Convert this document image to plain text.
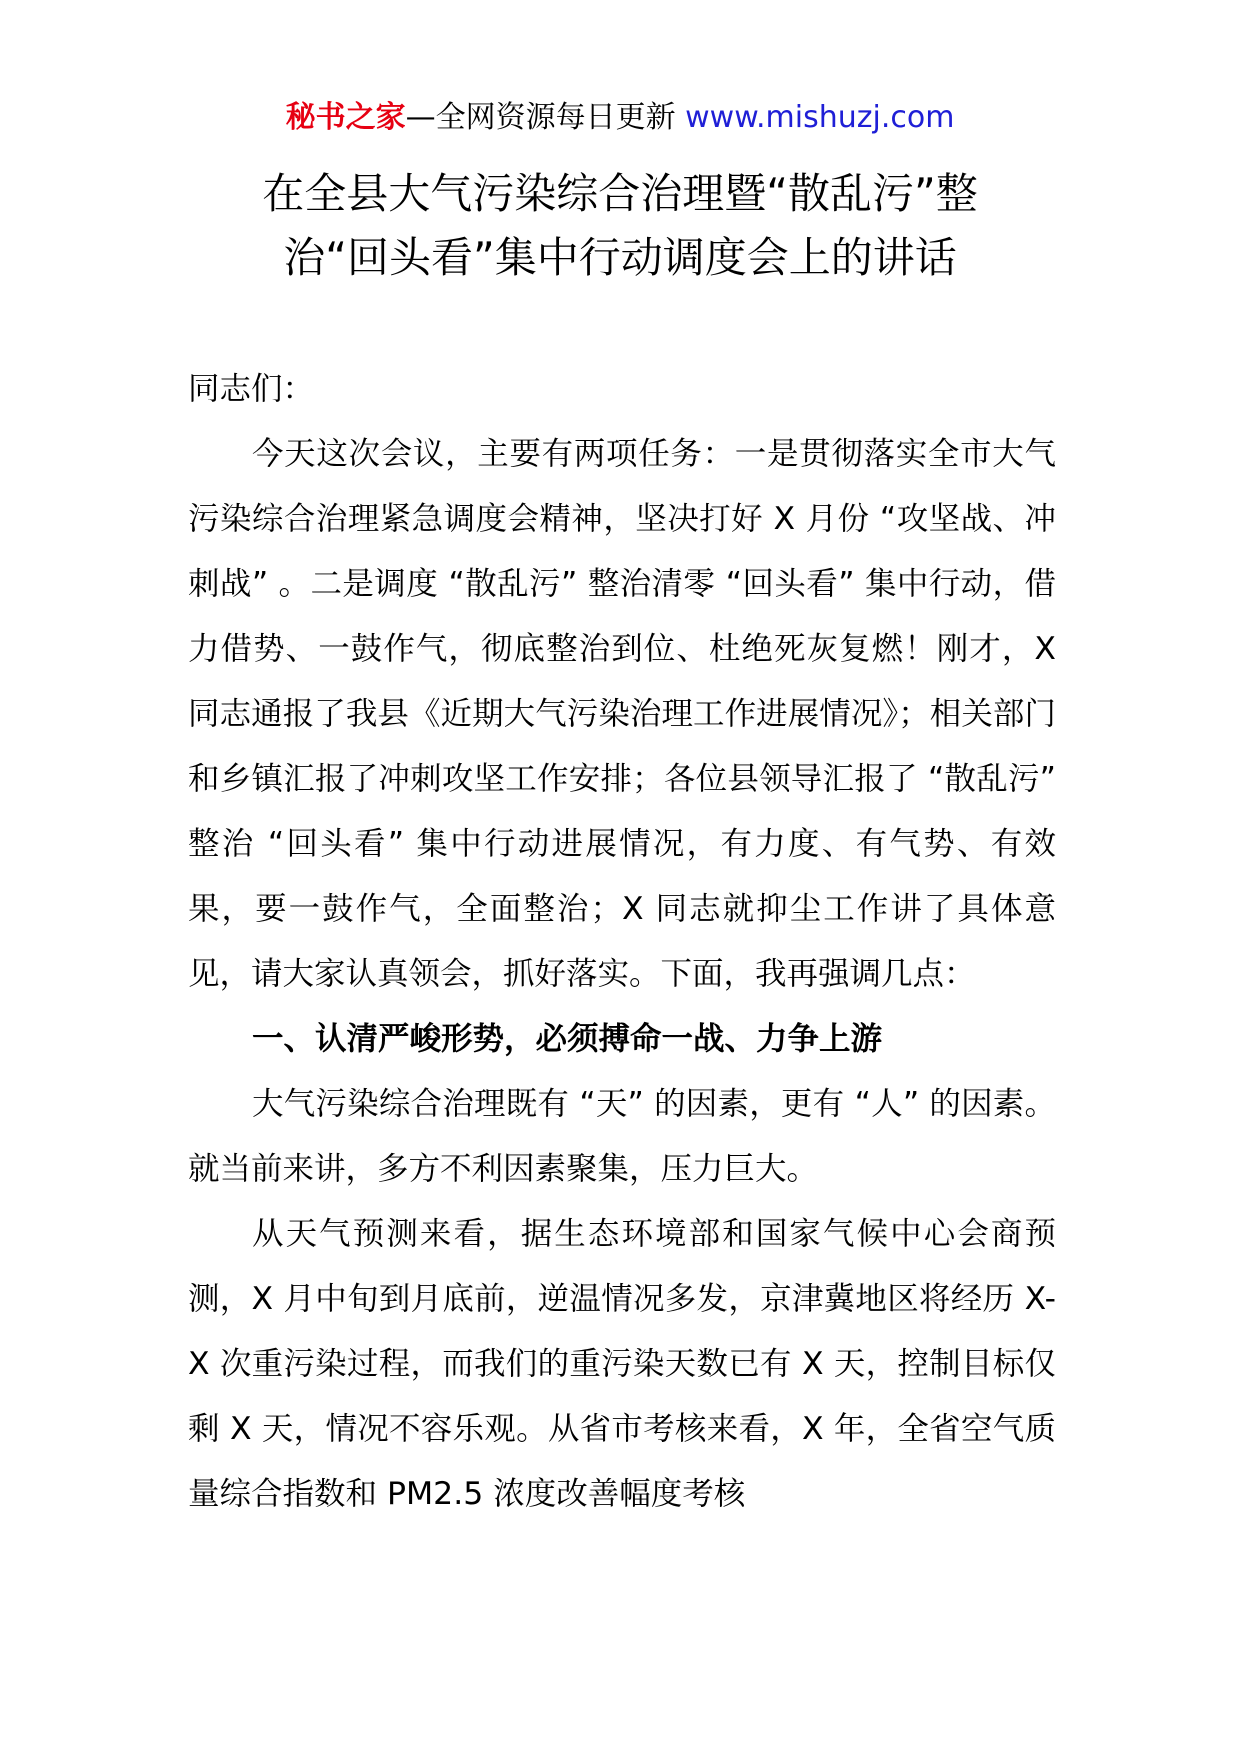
秘书之家—全网资源每日更新 www.mishuzj.com
在全县大气污染综合治理暨“散乱污”整
治“回头看”集中行动调度会上的讲话

同志们：

今天这次会议，主要有两项任务：一是贯彻落实全市大气污染综合治理紧急调度会精神，坚决打好 X 月份 “攻坚战、冲刺战” 。二是调度 “散乱污” 整治清零 “回头看” 集中行动，借力借势、一鼓作气，彻底整治到位、杜绝死灰复燃！刚才，X 同志通报了我县《近期大气污染治理工作进展情况》；相关部门和乡镇汇报了冲刺攻坚工作安排；各位县领导汇报了 “散乱污” 整治 “回头看” 集中行动进展情况，有力度、有气势、有效果，要一鼓作气，全面整治；X 同志就抑尘工作讲了具体意见，请大家认真领会，抓好落实。下面，我再强调几点：

一、认清严峻形势，必须搏命一战、力争上游

大气污染综合治理既有 “天” 的因素，更有 “人” 的因素。就当前来讲，多方不利因素聚集，压力巨大。

从天气预测来看，据生态环境部和国家气候中心会商预测，X 月中旬到月底前，逆温情况多发，京津冀地区将经历 X-X 次重污染过程，而我们的重污染天数已有 X 天，控制目标仅剩 X 天，情况不容乐观。从省市考核来看，X 年，全省空气质量综合指数和 PM2.5 浓度改善幅度考核
